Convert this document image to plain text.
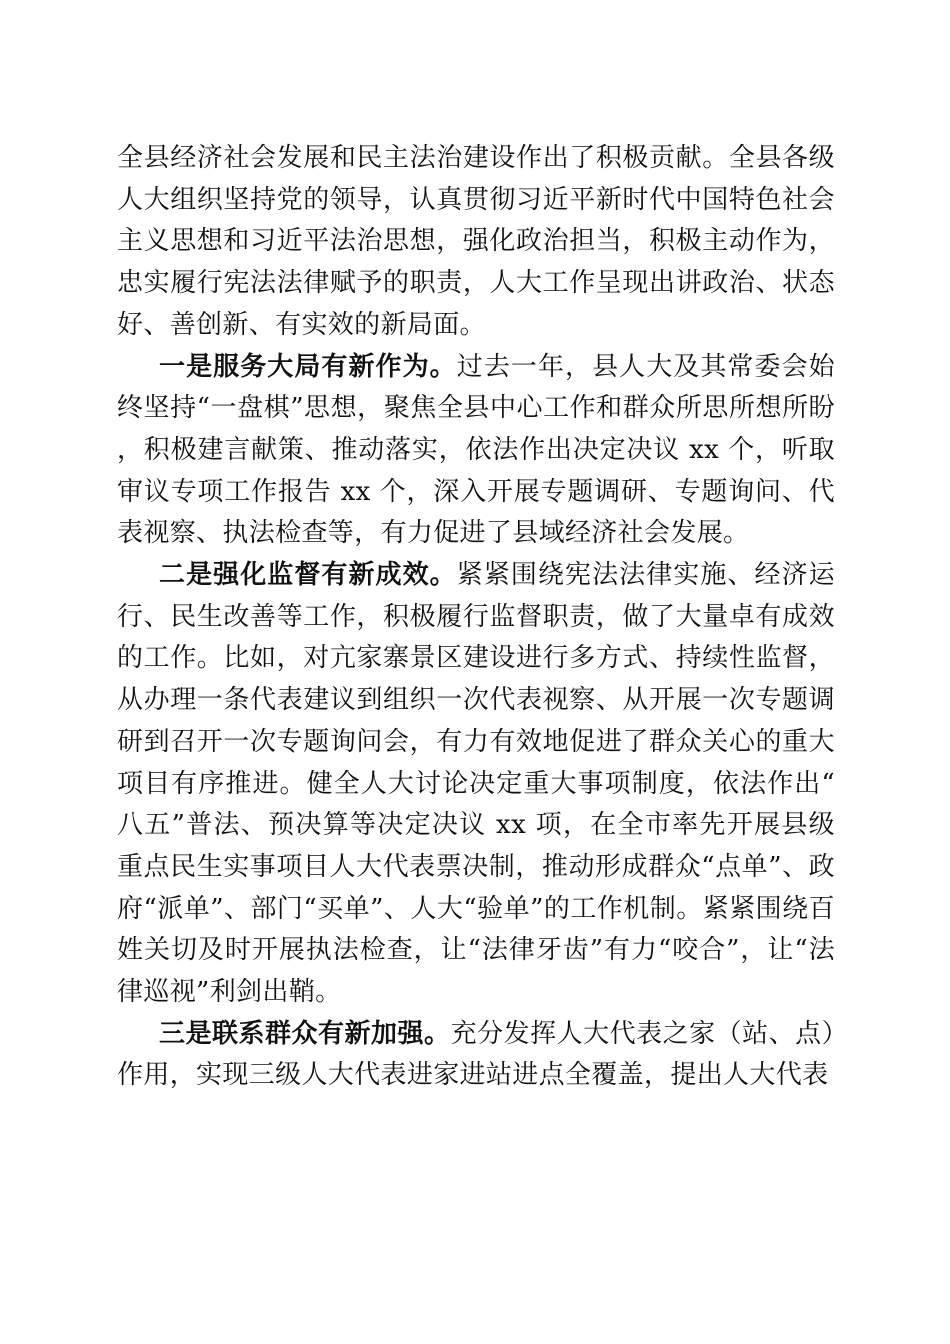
全县经济社会发展和民主法治建设作出了积极贡献。全县各级人大组织坚持党的领导，认真贯彻习近平新时代中国特色社会主义思想和习近平法治思想，强化政治担当，积极主动作为，忠实履行宪法法律赋予的职责，人大工作呈现出讲政治、状态好、善创新、有实效的新局面。

一是服务大局有新作为。过去一年，县人大及其常委会始终坚持“一盘棋”思想，聚焦全县中心工作和群众所思所想所盼，积极建言献策、推动落实，依法作出决定决议 xx 个，听取审议专项工作报告 xx 个，深入开展专题调研、专题询问、代表视察、执法检查等，有力促进了县域经济社会发展。

二是强化监督有新成效。紧紧围绕宪法法律实施、经济运行、民生改善等工作，积极履行监督职责，做了大量卓有成效的工作。比如，对亢家寨景区建设进行多方式、持续性监督，从办理一条代表建议到组织一次代表视察、从开展一次专题调研到召开一次专题询问会，有力有效地促进了群众关心的重大项目有序推进。健全人大讨论决定重大事项制度，依法作出“八五”普法、预决算等决定决议 xx 项，在全市率先开展县级重点民生实事项目人大代表票决制，推动形成群众“点单”、政府“派单”、部门“买单”、人大“验单”的工作机制。紧紧围绕百姓关切及时开展执法检查，让“法律牙齿”有力“咬合”，让“法律巡视”利剑出鞘。

三是联系群众有新加强。充分发挥人大代表之家（站、点）作用，实现三级人大代表进家进站进点全覆盖，提出人大代表
